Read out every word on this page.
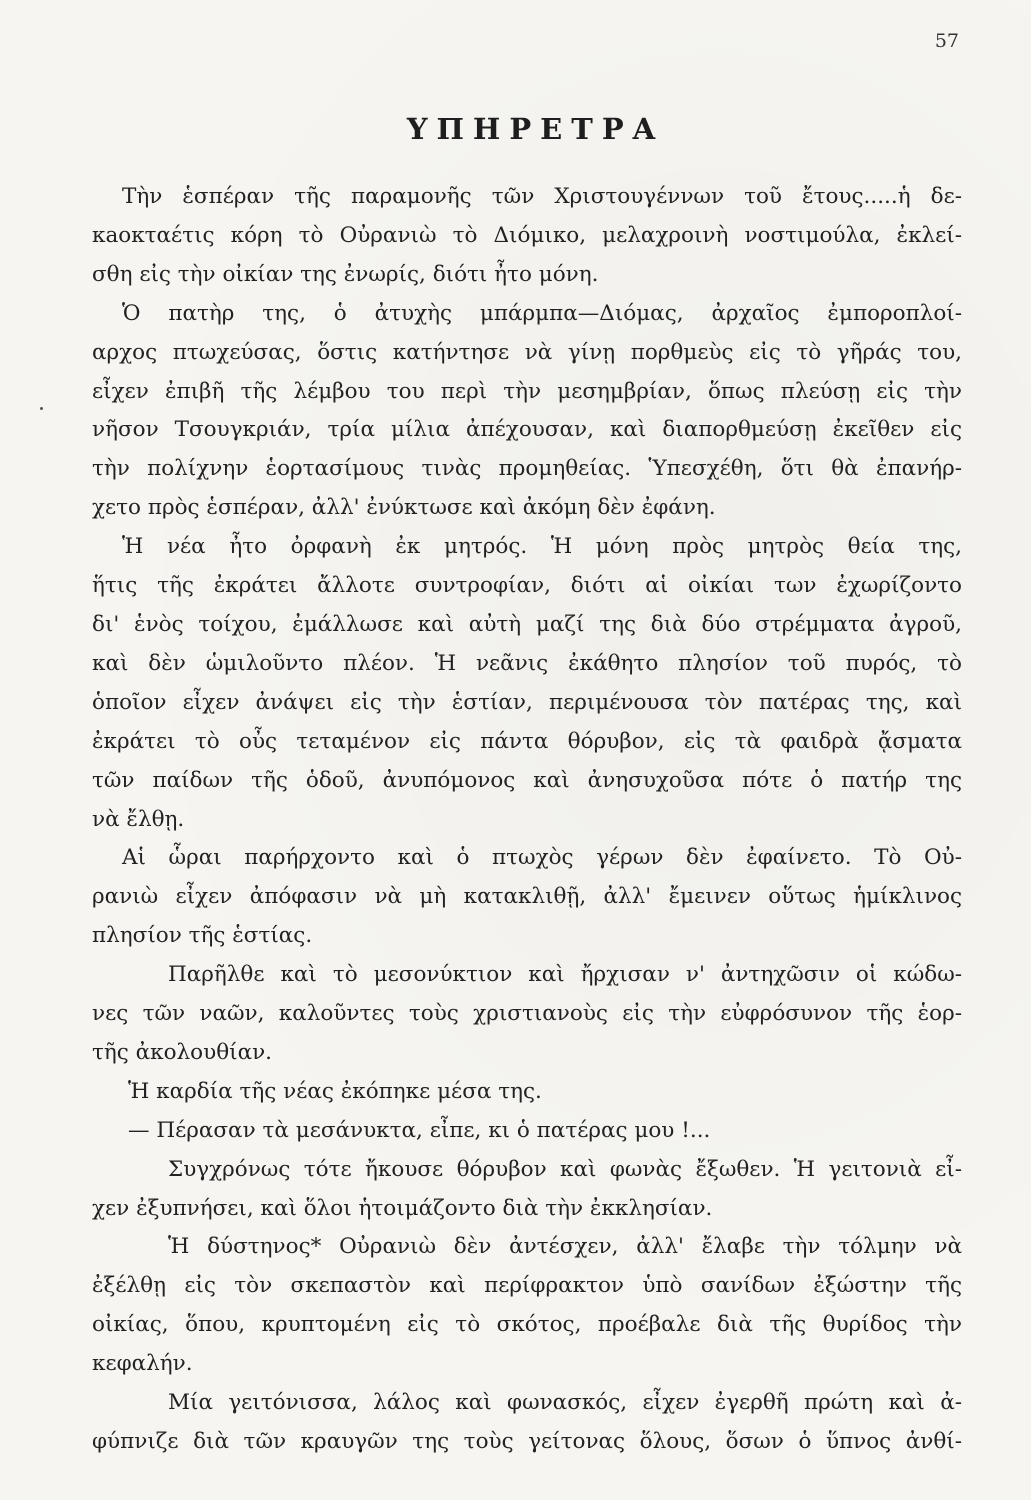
57
ΥΠΗΡΕΤΡΑ
Τὴν ἑσπέραν τῆς παραμονῆς τῶν Χριστουγέννων τοῦ ἔτους.....ἡ δε-
κaοκταέτις κόρη τὸ Οὐρανιὼ τὸ Διόμικο, μελαχροινὴ νοστιμούλα, ἐκλεί-
σθη εἰς τὴν οἰκίαν της ἐνωρίς, διότι ἦτο μόνη.
Ὁ πατὴρ της, ὁ ἀτυχὴς μπάρμπα—Διόμας, ἀρχαῖος ἐμποροπλοί-
αρχος πτωχεύσας, ὅστις κατήντησε νὰ γίνῃ πορθμεὺς εἰς τὸ γῆράς του,
εἶχεν ἐπιβῆ τῆς λέμβου του περὶ τὴν μεσημβρίαν, ὅπως πλεύσῃ εἰς τὴν
νῆσον Τσουγκριάν, τρία μίλια ἀπέχουσαν, καὶ διαπορθμεύσῃ ἐκεῖθεν εἰς
τὴν πολίχνην ἑορτασίμους τινὰς προμηθείας. Ὑπεσχέθη, ὅτι θὰ ἐπανήρ-
χετο πρὸς ἑσπέραν, ἀλλ' ἐνύκτωσε καὶ ἀκόμη δὲν ἐφάνη.
Ἡ νέα ἦτο ὀρφανὴ ἐκ μητρός. Ἡ μόνη πρὸς μητρὸς θεία της,
ἥτις τῆς ἐκράτει ἄλλοτε συντροφίαν, διότι αἱ οἰκίαι των ἐχωρίζοντο
δι' ἑνὸς τοίχου, ἐμάλλωσε καὶ αὐτὴ μαζί της διὰ δύο στρέμματα ἀγροῦ,
καὶ δὲν ὡμιλοῦντο πλέον. Ἡ νεᾶνις ἐκάθητο πλησίον τοῦ πυρός, τὸ
ὁποῖον εἶχεν ἀνάψει εἰς τὴν ἑστίαν, περιμένουσα τὸν πατέρας της, καὶ
ἐκράτει τὸ οὖς τεταμένον εἰς πάντα θόρυβον, εἰς τὰ φαιδρὰ ᾄσματα
τῶν παίδων τῆς ὁδοῦ, ἀνυπόμονος καὶ ἀνησυχοῦσα πότε ὁ πατήρ της
νὰ ἔλθῃ.
Αἱ ὧραι παρήρχοντο καὶ ὁ πτωχὸς γέρων δὲν ἐφαίνετο. Τὸ Οὐ-
ρανιὼ εἶχεν ἀπόφασιν νὰ μὴ κατακλιθῇ, ἀλλ' ἔμεινεν οὕτως ἡμίκλινος
πλησίον τῆς ἑστίας.
Παρῆλθε καὶ τὸ μεσονύκτιον καὶ ἤρχισαν ν' ἀντηχῶσιν οἱ κώδω-
νες τῶν ναῶν, καλοῦντες τοὺς χριστιανοὺς εἰς τὴν εὐφρόσυνον τῆς ἑορ-
τῆς ἀκολουθίαν.
Ἡ καρδία τῆς νέας ἐκόπηκε μέσα της.
— Πέρασαν τὰ μεσάνυκτα, εἶπε, κι ὁ πατέρας μου !...
Συγχρόνως τότε ἤκουσε θόρυβον καὶ φωνὰς ἔξωθεν. Ἡ γειτονιὰ εἶ-
χεν ἐξυπνήσει, καὶ ὅλοι ἡτοιμάζοντο διὰ τὴν ἐκκλησίαν.
Ἡ δύστηνος* Οὐρανιὼ δὲν ἀντέσχεν, ἀλλ' ἔλαβε τὴν τόλμην νὰ
ἐξέλθῃ εἰς τὸν σκεπαστὸν καὶ περίφρακτον ὑπὸ σανίδων ἐξώστην τῆς
οἰκίας, ὅπου, κρυπτομένη εἰς τὸ σκότος, προέβαλε διὰ τῆς θυρίδος τὴν
κεφαλήν.
Μία γειτόνισσα, λάλος καὶ φωνασκός, εἶχεν ἐγερθῆ πρώτη καὶ ἀ-
φύπνιζε διὰ τῶν κραυγῶν της τοὺς γείτονας ὅλους, ὅσων ὁ ὕπνος ἀνθί-
